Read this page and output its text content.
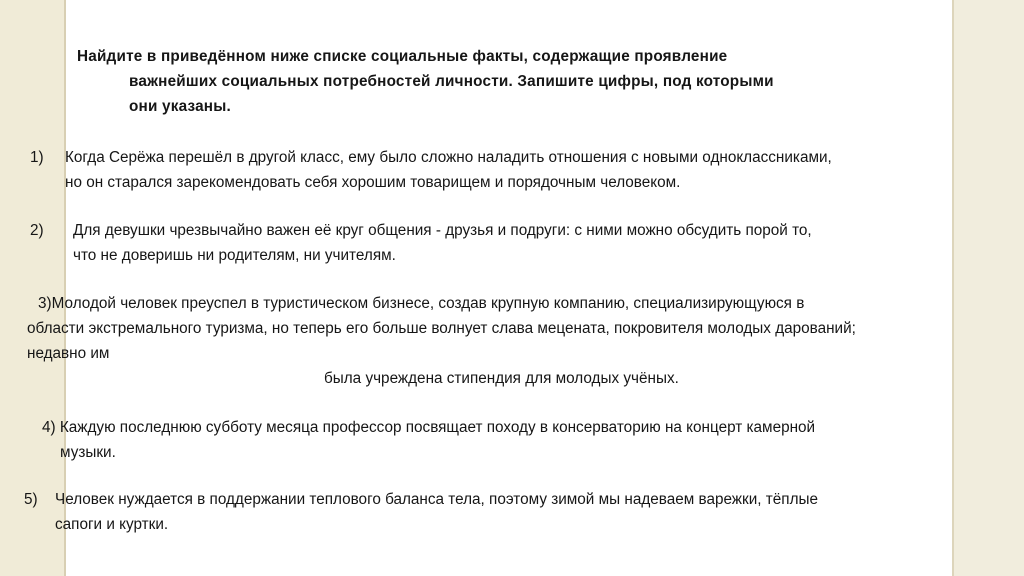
Найдите в приведённом ниже списке социальные факты, содержащие проявление
важнейших социальных потребностей личности. Запишите цифры, под которыми
они указаны.
1) Когда Серёжа перешёл в другой класс, ему было сложно наладить отношения с новыми одноклассниками,
но он старался зарекомендовать себя хорошим товарищем и порядочным человеком.
2) Для девушки чрезвычайно важен её круг общения - друзья и подруги: с ними можно обсудить порой то,
что не доверишь ни родителям, ни учителям.
3)Молодой человек преуспел в туристическом бизнесе, создав крупную компанию, специализирующуюся в
области экстремального туризма, но теперь его больше волнует слава мецената, покровителя молодых дарований;
недавно им
была учреждена стипендия для молодых учёных.
4) Каждую последнюю субботу месяца профессор посвящает походу в консерваторию на концерт камерной
музыки.
5) Человек нуждается в поддержании теплового баланса тела, поэтому зимой мы надеваем варежки, тёплые
сапоги и куртки.
